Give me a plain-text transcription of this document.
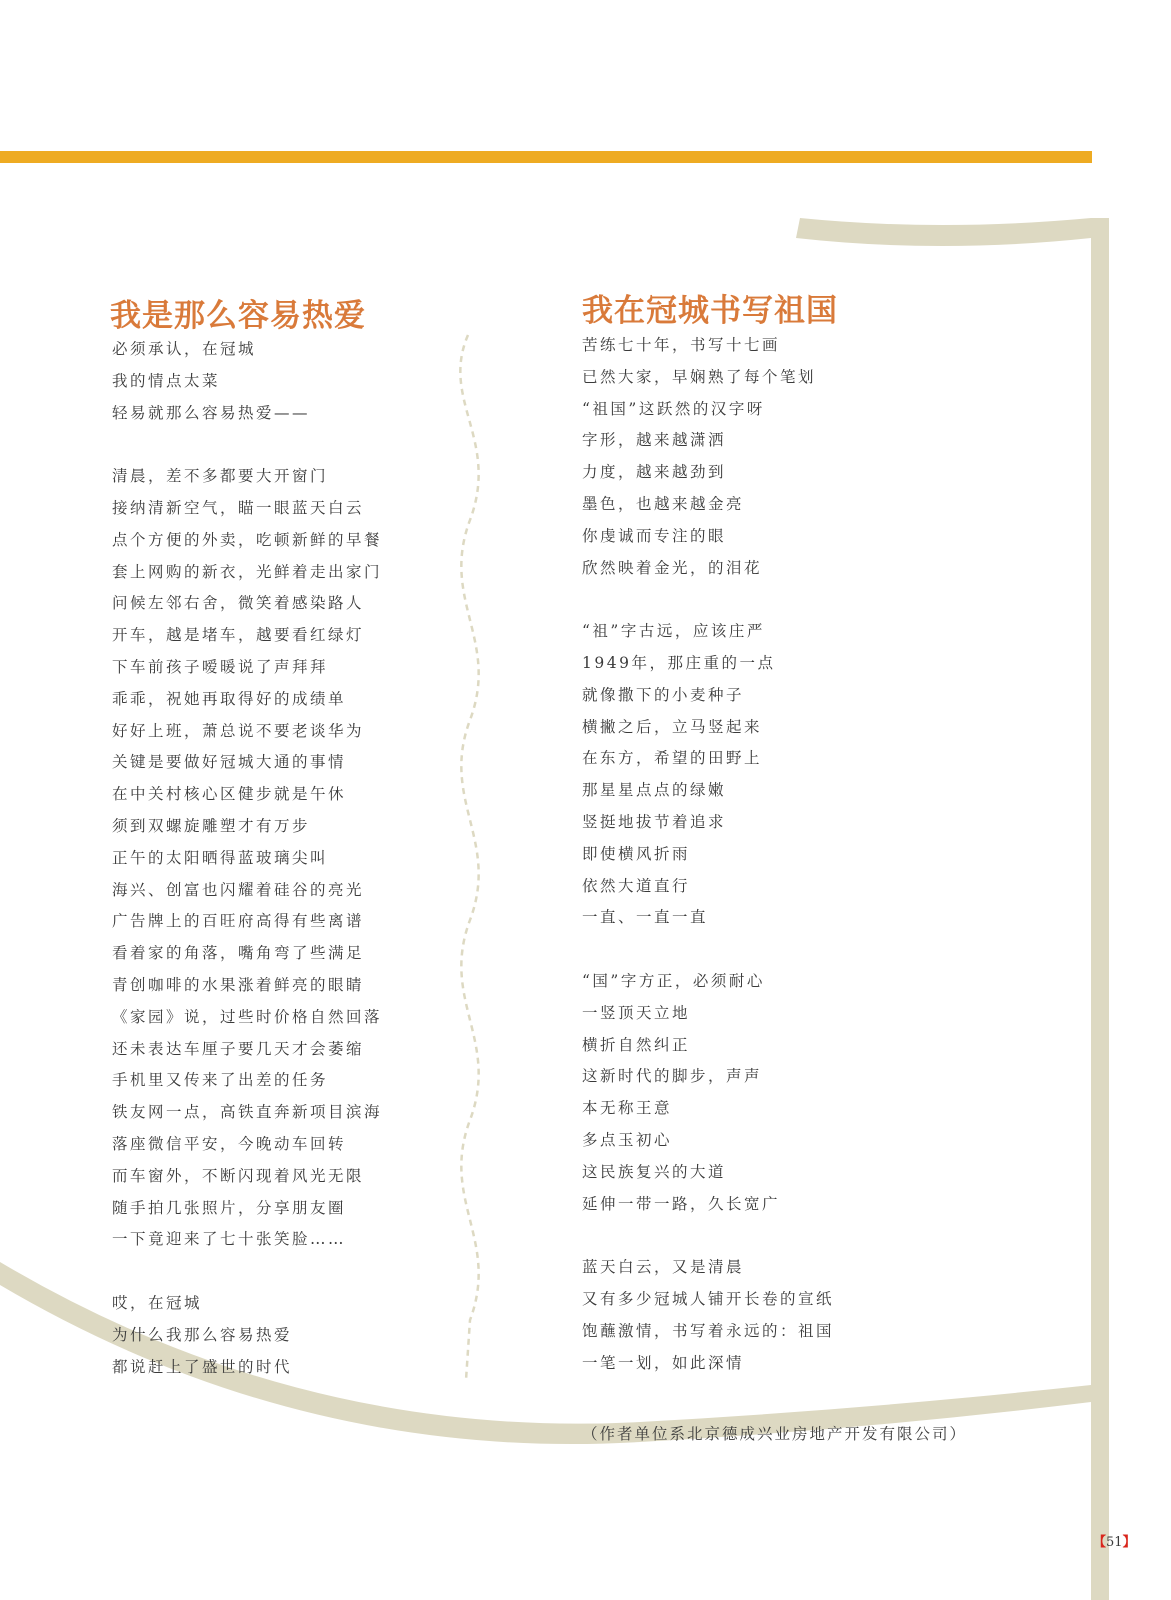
我是那么容易热爱
必须承认，在冠城
我的情点太菜
轻易就那么容易热爱——
清晨，差不多都要大开窗门
接纳清新空气，瞄一眼蓝天白云
点个方便的外卖，吃顿新鲜的早餐
套上网购的新衣，光鲜着走出家门
问候左邻右舍，微笑着感染路人
开车，越是堵车，越要看红绿灯
下车前孩子嗳暖说了声拜拜
乖乖，祝她再取得好的成绩单
好好上班，萧总说不要老谈华为
关键是要做好冠城大通的事情
在中关村核心区健步就是午休
须到双螺旋雕塑才有万步
正午的太阳晒得蓝玻璃尖叫
海兴、创富也闪耀着硅谷的亮光
广告牌上的百旺府高得有些离谱
看着家的角落，嘴角弯了些满足
青创咖啡的水果涨着鲜亮的眼睛
《家园》说，过些时价格自然回落
还未表达车厘子要几天才会萎缩
手机里又传来了出差的任务
铁友网一点，高铁直奔新项目滨海
落座微信平安，今晚动车回转
而车窗外，不断闪现着风光无限
随手拍几张照片，分享朋友圈
一下竟迎来了七十张笑脸……
哎，在冠城
为什么我那么容易热爱
都说赶上了盛世的时代
我在冠城书写祖国
苦练七十年，书写十七画
已然大家，早娴熟了每个笔划
“祖国”这跃然的汉字呀
字形，越来越潇洒
力度，越来越劲到
墨色，也越来越金亮
你虔诚而专注的眼
欣然映着金光，的泪花
“祖”字古远，应该庄严
1949年，那庄重的一点
就像撒下的小麦种子
横撇之后，立马竖起来
在东方，希望的田野上
那星星点点的绿嫩
竖挺地拔节着追求
即使横风折雨
依然大道直行
一直、一直一直
“国”字方正，必须耐心
一竖顶天立地
横折自然纠正
这新时代的脚步，声声
本无称王意
多点玉初心
这民族复兴的大道
延伸一带一路，久长宽广
蓝天白云，又是清晨
又有多少冠城人铺开长卷的宣纸
饱蘸激情，书写着永远的：祖国
一笔一划，如此深情
（作者单位系北京德成兴业房地产开发有限公司）
【51】
